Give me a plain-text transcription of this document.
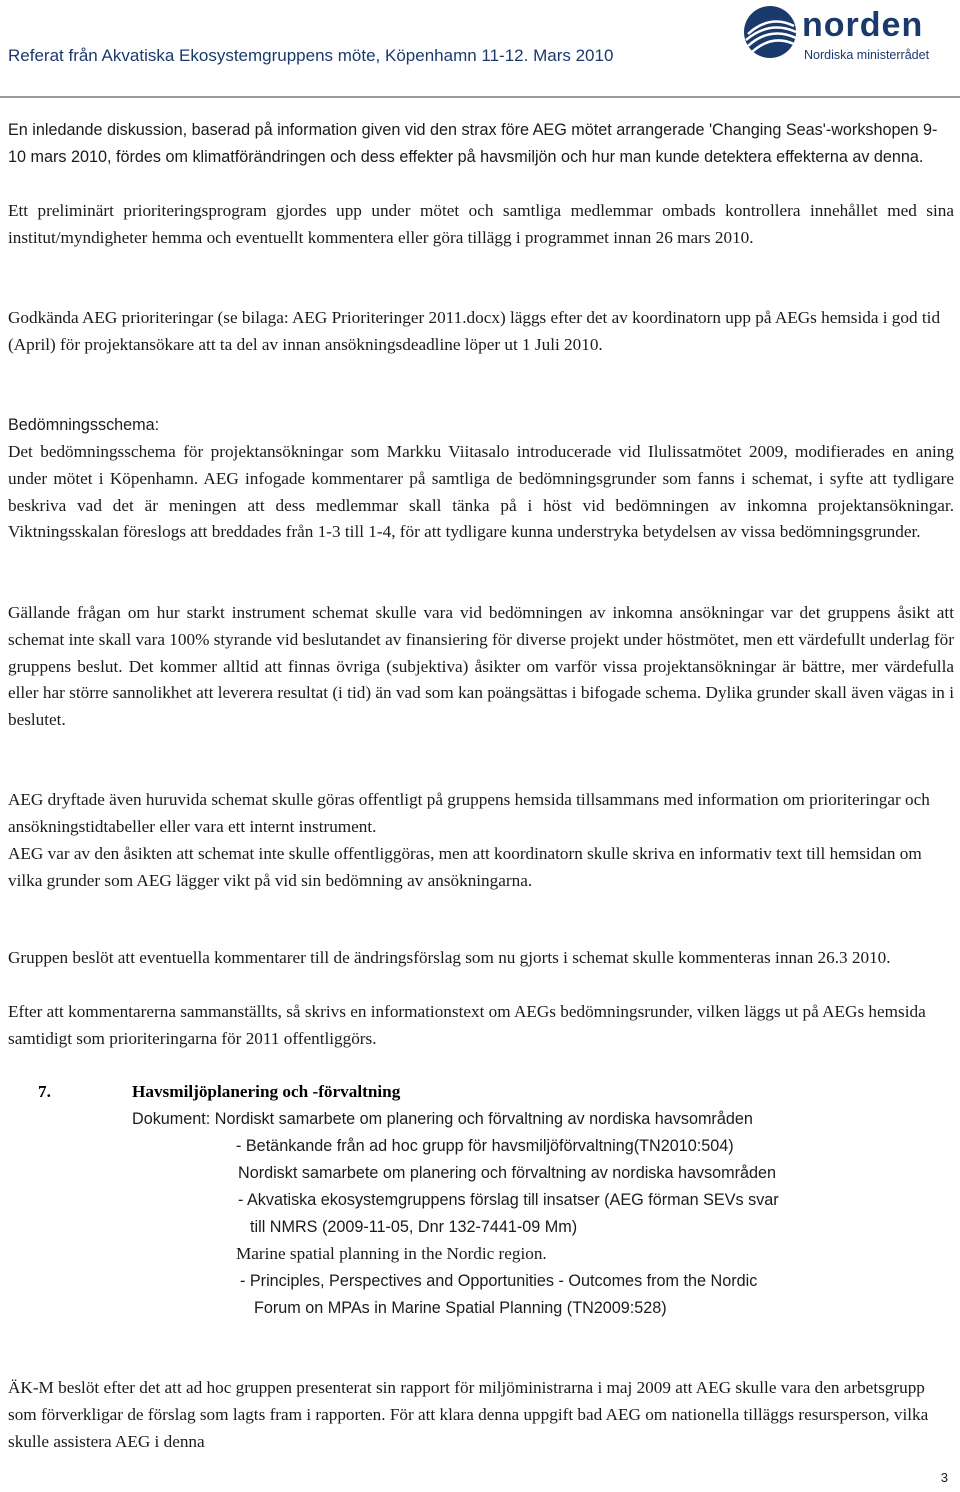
Referat från Akvatiska Ekosystemgruppens möte, Köpenhamn 11-12. Mars 2010
norden
Nordiska ministerrådet

En inledande diskussion, baserad på information given vid den strax före AEG mötet arrangerade 'Changing Seas'-workshopen 9-10 mars 2010, fördes om klimatförändringen och dess effekter på havsmiljön och hur man kunde detektera effekterna av denna.

Ett preliminärt prioriteringsprogram gjordes upp under mötet och samtliga medlemmar ombads kontrollera innehållet med sina institut/myndigheter hemma och eventuellt kommentera eller göra tillägg i programmet innan 26 mars 2010.

Godkända AEG prioriteringar (se bilaga: AEG Prioriteringer 2011.docx) läggs efter det av koordinatorn upp på AEGs hemsida i god tid (April) för projektansökare att ta del av innan ansökningsdeadline löper ut 1 Juli 2010.

Bedömningsschema:

Det bedömningsschema för projektansökningar som Markku Viitasalo introducerade vid Ilulissatmötet 2009, modifierades en aning under mötet i Köpenhamn. AEG infogade kommentarer på samtliga de bedömningsgrunder som fanns i schemat, i syfte att tydligare beskriva vad det är meningen att dess medlemmar skall tänka på i höst vid bedömningen av inkomna projektansökningar. Viktningsskalan föreslogs att breddades från 1-3 till 1-4, för att tydligare kunna understryka betydelsen av vissa bedömningsgrunder.

Gällande frågan om hur starkt instrument schemat skulle vara vid bedömningen av inkomna ansökningar var det gruppens åsikt att schemat inte skall vara 100% styrande vid beslutandet av finansiering för diverse projekt under höstmötet, men ett värdefullt underlag för gruppens beslut. Det kommer alltid att finnas övriga (subjektiva) åsikter om varför vissa projektansökningar är bättre, mer värdefulla eller har större sannolikhet att leverera resultat (i tid) än vad som kan poängsättas i bifogade schema. Dylika grunder skall även vägas in i beslutet.

AEG dryftade även huruvida schemat skulle göras offentligt på gruppens hemsida tillsammans med information om prioriteringar och ansökningstidtabeller eller vara ett internt instrument.

AEG var av den åsikten att schemat inte skulle offentliggöras, men att koordinatorn skulle skriva en informativ text till hemsidan om vilka grunder som AEG lägger vikt på vid sin bedömning av ansökningarna.

Gruppen beslöt att eventuella kommentarer till de ändringsförslag som nu gjorts i schemat skulle kommenteras innan 26.3 2010.

Efter att kommentarerna sammanställts, så skrivs en informationstext om AEGs bedömningsrunder, vilken läggs ut på AEGs hemsida samtidigt som prioriteringarna för 2011 offentliggörs.

7.	Havsmiljöplanering och -förvaltning
Dokument: Nordiskt samarbete om planering och förvaltning av nordiska havsområden
- Betänkande från ad hoc grupp för havsmiljöförvaltning(TN2010:504)
Nordiskt samarbete om planering och förvaltning av nordiska havsområden
- Akvatiska ekosystemgruppens förslag till insatser (AEG förman SEVs svar
till NMRS (2009-11-05, Dnr 132-7441-09 Mm)
Marine spatial planning in the Nordic region.
- Principles, Perspectives and Opportunities - Outcomes from the Nordic
Forum on MPAs in Marine Spatial Planning (TN2009:528)

ÄK-M beslöt efter det att ad hoc gruppen presenterat sin rapport för miljöministrarna i maj 2009 att AEG skulle vara den arbetsgrupp som förverkligar de förslag som lagts fram i rapporten. För att klara denna uppgift bad AEG om nationella tilläggs resursperson, vilka skulle assistera AEG i denna

3
